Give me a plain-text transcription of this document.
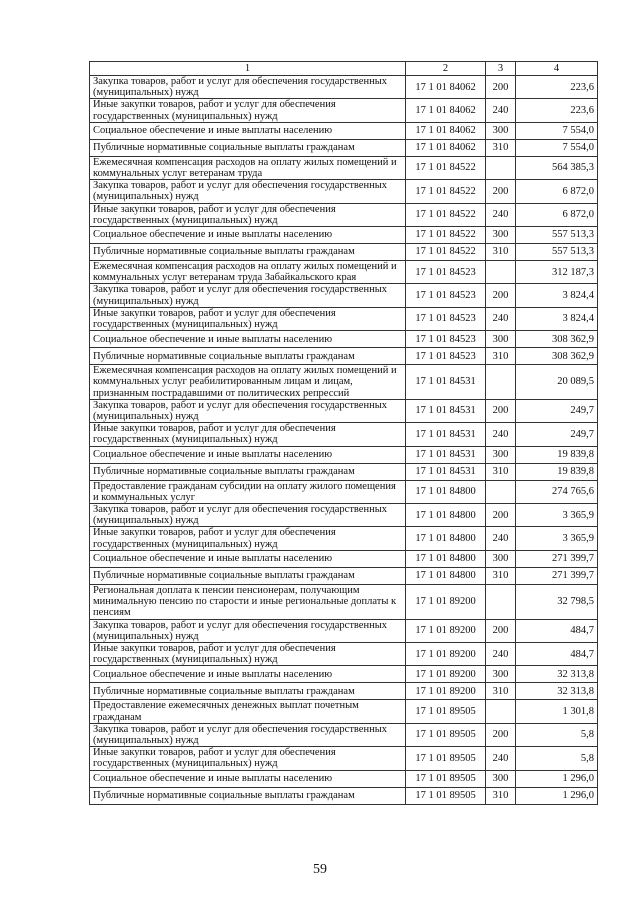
1	2	3	4
Закупка товаров, работ и услуг для обеспечения государственных (муниципальных) нужд	17 1 01 84062	200	223,6
Иные закупки товаров, работ и услуг для обеспечения государственных (муниципальных) нужд	17 1 01 84062	240	223,6
Социальное обеспечение и иные выплаты населению	17 1 01 84062	300	7 554,0
Публичные нормативные социальные выплаты гражданам	17 1 01 84062	310	7 554,0
Ежемесячная компенсация расходов на оплату жилых помещений и коммунальных услуг ветеранам труда	17 1 01 84522		564 385,3
Закупка товаров, работ и услуг для обеспечения государственных (муниципальных) нужд	17 1 01 84522	200	6 872,0
Иные закупки товаров, работ и услуг для обеспечения государственных (муниципальных) нужд	17 1 01 84522	240	6 872,0
Социальное обеспечение и иные выплаты населению	17 1 01 84522	300	557 513,3
Публичные нормативные социальные выплаты гражданам	17 1 01 84522	310	557 513,3
Ежемесячная компенсация расходов на оплату жилых помещений и коммунальных услуг ветеранам труда Забайкальского края	17 1 01 84523		312 187,3
Закупка товаров, работ и услуг для обеспечения государственных (муниципальных) нужд	17 1 01 84523	200	3 824,4
Иные закупки товаров, работ и услуг для обеспечения государственных (муниципальных) нужд	17 1 01 84523	240	3 824,4
Социальное обеспечение и иные выплаты населению	17 1 01 84523	300	308 362,9
Публичные нормативные социальные выплаты гражданам	17 1 01 84523	310	308 362,9
Ежемесячная компенсация расходов на оплату жилых помещений и коммунальных услуг реабилитированным лицам и лицам, признанным пострадавшими от политических репрессий	17 1 01 84531		20 089,5
Закупка товаров, работ и услуг для обеспечения государственных (муниципальных) нужд	17 1 01 84531	200	249,7
Иные закупки товаров, работ и услуг для обеспечения государственных (муниципальных) нужд	17 1 01 84531	240	249,7
Социальное обеспечение и иные выплаты населению	17 1 01 84531	300	19 839,8
Публичные нормативные социальные выплаты гражданам	17 1 01 84531	310	19 839,8
Предоставление гражданам субсидии на оплату жилого помещения и коммунальных услуг	17 1 01 84800		274 765,6
Закупка товаров, работ и услуг для обеспечения государственных (муниципальных) нужд	17 1 01 84800	200	3 365,9
Иные закупки товаров, работ и услуг для обеспечения государственных (муниципальных) нужд	17 1 01 84800	240	3 365,9
Социальное обеспечение и иные выплаты населению	17 1 01 84800	300	271 399,7
Публичные нормативные социальные выплаты гражданам	17 1 01 84800	310	271 399,7
Региональная доплата к пенсии пенсионерам, получающим минимальную пенсию по старости и иные региональные доплаты к пенсиям	17 1 01 89200		32 798,5
Закупка товаров, работ и услуг для обеспечения государственных (муниципальных) нужд	17 1 01 89200	200	484,7
Иные закупки товаров, работ и услуг для обеспечения государственных (муниципальных) нужд	17 1 01 89200	240	484,7
Социальное обеспечение и иные выплаты населению	17 1 01 89200	300	32 313,8
Публичные нормативные социальные выплаты гражданам	17 1 01 89200	310	32 313,8
Предоставление ежемесячных денежных выплат почетным гражданам	17 1 01 89505		1 301,8
Закупка товаров, работ и услуг для обеспечения государственных (муниципальных) нужд	17 1 01 89505	200	5,8
Иные закупки товаров, работ и услуг для обеспечения государственных (муниципальных) нужд	17 1 01 89505	240	5,8
Социальное обеспечение и иные выплаты населению	17 1 01 89505	300	1 296,0
Публичные нормативные социальные выплаты гражданам	17 1 01 89505	310	1 296,0
59
